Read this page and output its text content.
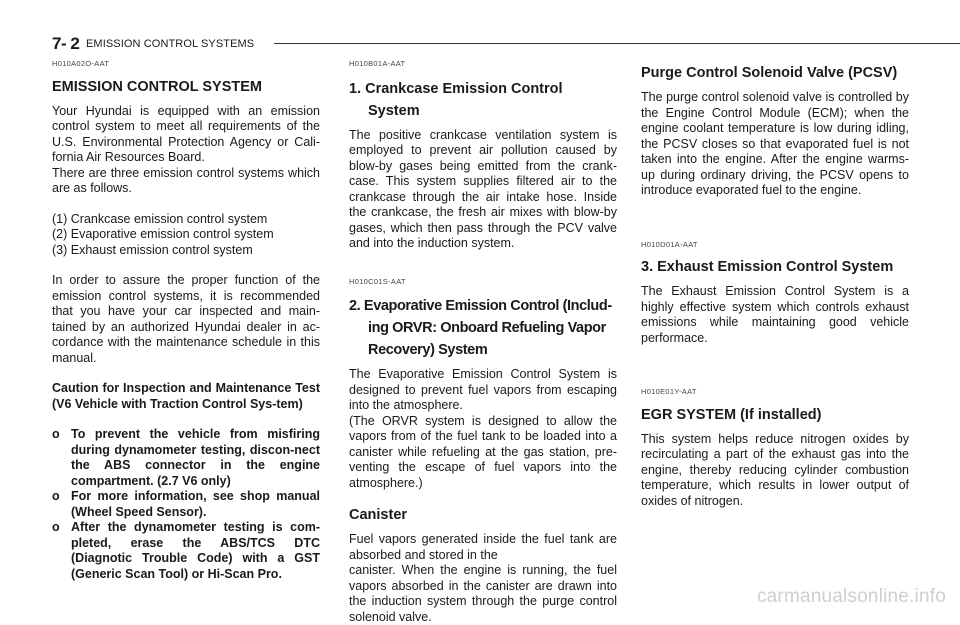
7- 2 EMISSION CONTROL SYSTEMS

H010A02O-AAT

EMISSION CONTROL SYSTEM

Your Hyundai is equipped with an emission control system to meet all requirements of the U.S. Environmental Protection Agency or Cali-fornia Air Resources Board.

There are three emission control systems which are as follows.

(1) Crankcase emission control system

(2) Evaporative emission control system

(3) Exhaust emission control system

In order to assure the proper function of the emission control systems, it is recommended that you have your car inspected and main-tained by an authorized Hyundai dealer in ac-cordance with the maintenance schedule in this manual.

Caution for Inspection and Maintenance Test (V6 Vehicle with Traction Control Sys-tem)

o To prevent the vehicle from misfiring during dynamometer testing, discon-nect the ABS connector in the engine compartment. (2.7 V6 only)
o For more information, see shop manual (Wheel Speed Sensor).
o After the dynamometer testing is com-pleted, erase the ABS/TCS DTC (Diagnotic Trouble Code) with a GST (Generic Scan Tool) or Hi-Scan Pro.

H010B01A-AAT

1. Crankcase Emission Control
System

The positive crankcase ventilation system is employed to prevent air pollution caused by blow-by gases being emitted from the crank-case. This system supplies filtered air to the crankcase through the air intake hose. Inside the crankcase, the fresh air mixes with blow-by gases, which then pass through the PCV valve and into the induction system.

H010C01S-AAT

2. Evaporative Emission Control (Includ-
ing ORVR: Onboard Refueling Vapor
Recovery) System

The Evaporative Emission Control System is designed to prevent fuel vapors from escaping into the atmosphere.

(The ORVR system is designed to allow the vapors from of the fuel tank to be loaded into a canister while refueling at the gas station, pre-venting the escape of fuel vapors into the atmosphere.)

Canister

Fuel vapors generated inside the fuel tank are absorbed and stored in the

canister. When the engine is running, the fuel vapors absorbed in the canister are drawn into the induction system through the purge control solenoid valve.

Purge Control Solenoid Valve (PCSV)

The purge control solenoid valve is controlled by the Engine Control Module (ECM); when the engine coolant temperature is low during idling, the PCSV closes so that evaporated fuel is not taken into the engine. After the engine warms-up during ordinary driving, the PCSV opens to introduce evaporated fuel to the engine.

H010D01A-AAT

3. Exhaust Emission Control System

The Exhaust Emission Control System is a highly effective system which controls exhaust emissions while maintaining good vehicle performace.

H010E01Y-AAT

EGR SYSTEM (If installed)

This system helps reduce nitrogen oxides by recirculating a part of the exhaust gas into the engine, thereby reducing cylinder combustion temperature, which results in lower output of oxides of nitrogen.

carmanualsonline.info
